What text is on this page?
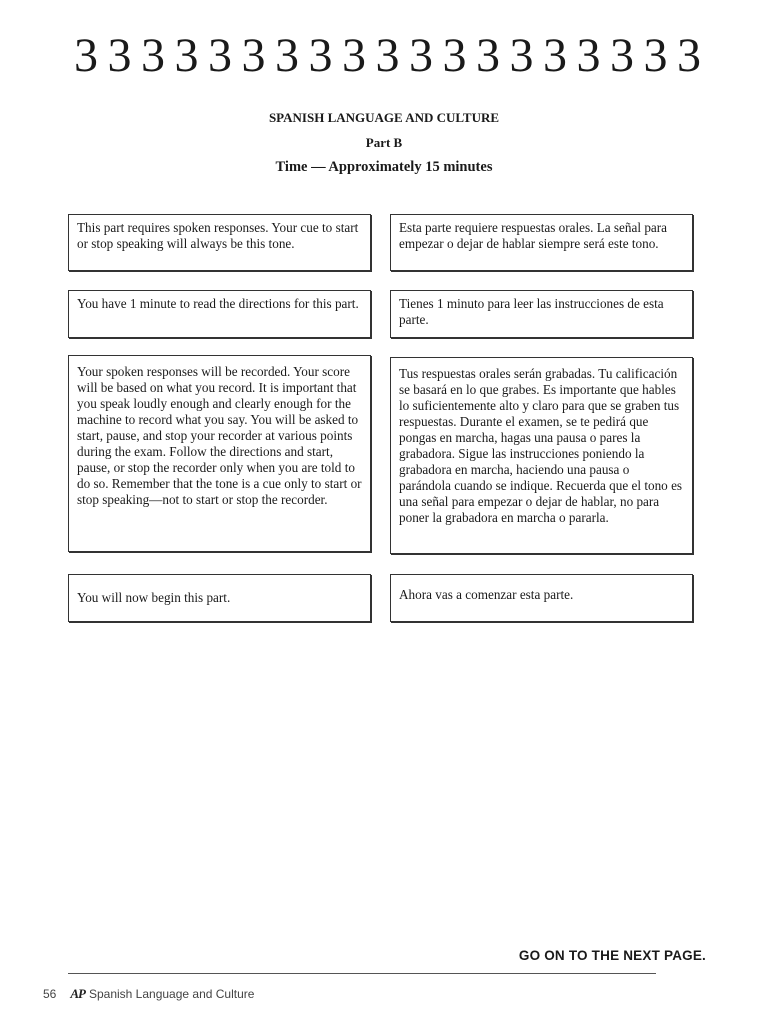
3 3 3 3 3 3 3 3 3 3 3 3 3 3 3 3 3 3 3
SPANISH LANGUAGE AND CULTURE
Part B
Time — Approximately 15 minutes
This part requires spoken responses. Your cue to start or stop speaking will always be this tone.
Esta parte requiere respuestas orales. La señal para empezar o dejar de hablar siempre será este tono.
You have 1 minute to read the directions for this part.	Tienes 1 minuto para leer las instrucciones de esta parte.
Your spoken responses will be recorded. Your score will be based on what you record. It is important that you speak loudly enough and clearly enough for the machine to record what you say. You will be asked to start, pause, and stop your recorder at various points during the exam. Follow the directions and start, pause, or stop the recorder only when you are told to do so. Remember that the tone is a cue only to start or stop speaking—not to start or stop the recorder.
Tus respuestas orales serán grabadas. Tu calificación se basará en lo que grabes. Es importante que hables lo suficientemente alto y claro para que se graben tus respuestas. Durante el examen, se te pedirá que pongas en marcha, hagas una pausa o pares la grabadora. Sigue las instrucciones poniendo la grabadora en marcha, haciendo una pausa o parándola cuando se indique. Recuerda que el tono es una señal para empezar o dejar de hablar, no para poner la grabadora en marcha o pararla.
You will now begin this part.	Ahora vas a comenzar esta parte.
GO ON TO THE NEXT PAGE.
56 AP Spanish Language and Culture
